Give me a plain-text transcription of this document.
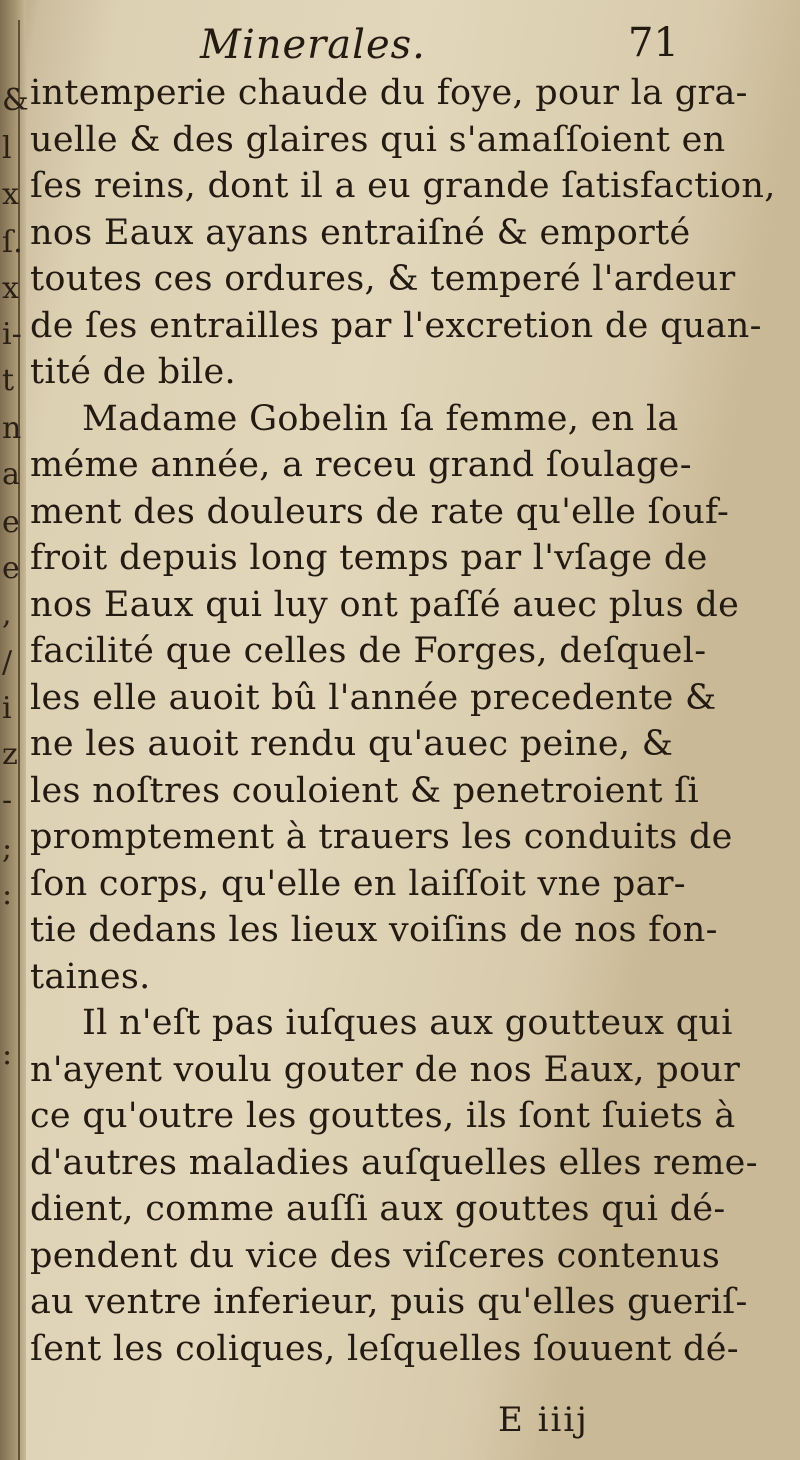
&
l
x
ſ.
x
i-
t
n
a
e
e
,
/
i
z
-
;
:
:
Minerales.	71
intemperie chaude du foye, pour la gra-
uelle & des glaires qui s'amaſſoient en
ſes reins, dont il a eu grande ſatisfaction,
nos Eaux ayans entraiſné & emporté
toutes ces ordures, & temperé l'ardeur
de ſes entrailles par l'excretion de quan-
tité de bile.
Madame Gobelin ſa femme, en la
méme année, a receu grand ſoulage-
ment des douleurs de rate qu'elle ſouf-
froit depuis long temps par l'vſage de
nos Eaux qui luy ont paſſé auec plus de
facilité que celles de Forges, deſquel-
les elle auoit bû l'année precedente &
ne les auoit rendu qu'auec peine, &
les noſtres couloient & penetroient ſi
promptement à trauers les conduits de
ſon corps, qu'elle en laiſſoit vne par-
tie dedans les lieux voiſins de nos fon-
taines.
Il n'eſt pas iuſques aux goutteux qui
n'ayent voulu gouter de nos Eaux, pour
ce qu'outre les gouttes, ils ſont ſuiets à
d'autres maladies auſquelles elles reme-
dient, comme auſſi aux gouttes qui dé-
pendent du vice des viſceres contenus
au ventre inferieur, puis qu'elles gueriſ-
ſent les coliques, leſquelles ſouuent dé-
E iiij
